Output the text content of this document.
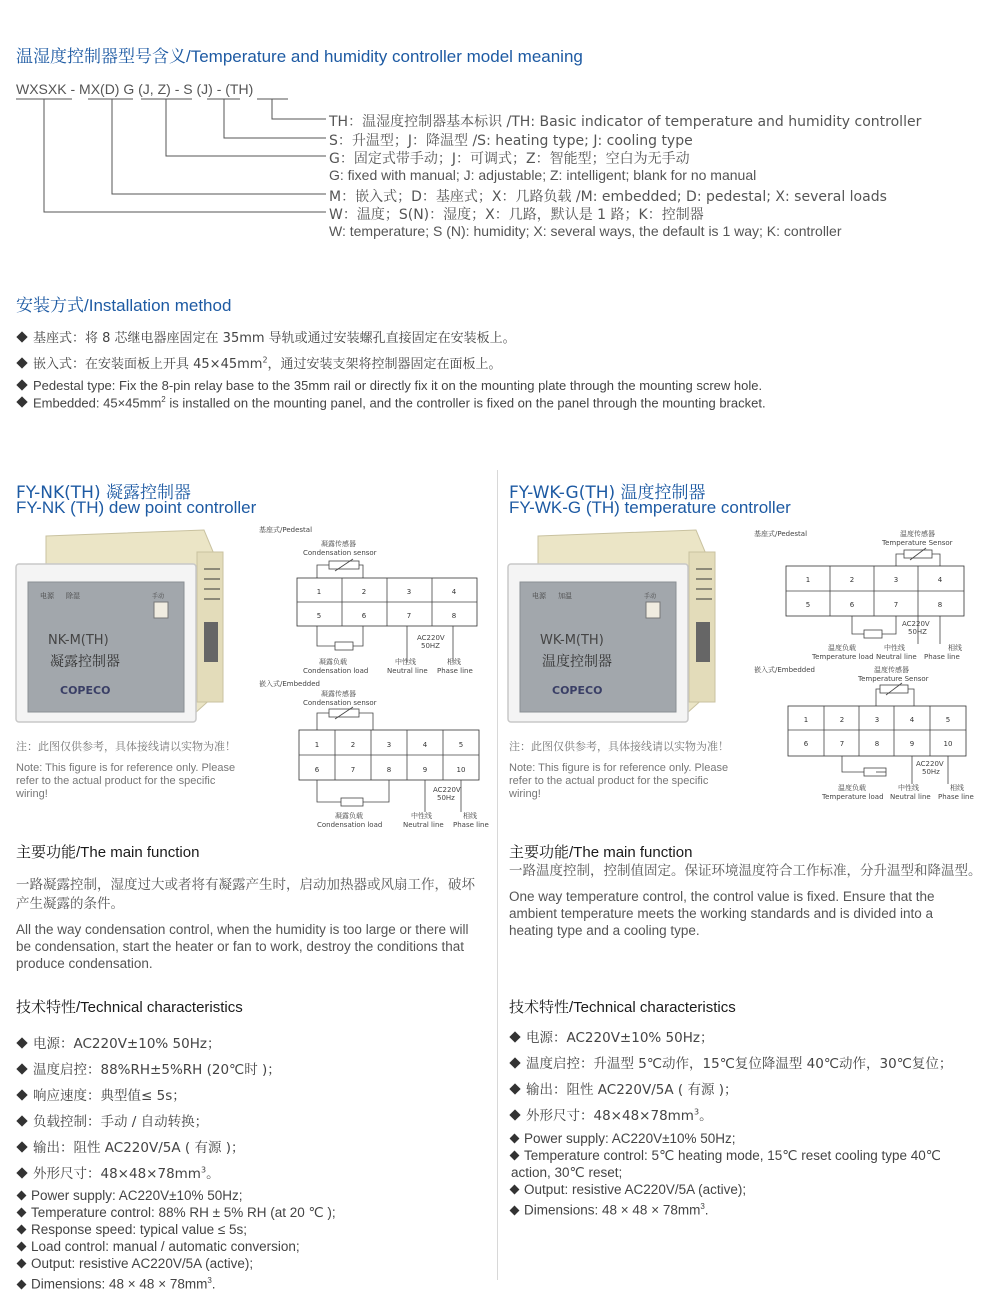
温湿度控制器型号含义/Temperature and humidity controller model meaning
WXSXK - MX(D) G (J, Z) - S (J) - (TH)
TH：温湿度控制器基本标识 /TH: Basic indicator of temperature and humidity controller
S：升温型；J：降温型 /S: heating type; J: cooling type
G：固定式带手动；J：可调式；Z：智能型；空白为无手动
G: fixed with manual; J: adjustable; Z: intelligent; blank for no manual
M：嵌入式；D：基座式；X：几路负载 /M: embedded; D: pedestal; X: several loads
W：温度；S(N)：湿度；X：几路，默认是 1 路；K：控制器
W: temperature; S (N): humidity; X: several ways, the default is 1 way; K: controller
安装方式/Installation method
基座式：将 8 芯继电器座固定在 35mm 导轨或通过安装螺孔直接固定在安装板上。
嵌入式：在安装面板上开具 $45\times 45mm^2$，通过安装支架将控制器固定在面板上。
Pedestal type: Fix the 8-pin relay base to the 35mm rail or directly fix it on the mounting plate through the mounting screw hole.
Embedded: $45\times 45mm^2$ is installed on the mounting panel, and the controller is fixed on the panel through the mounting bracket.
FY-NK(TH) 凝露控制器
FY-NK (TH) dew point controller
电源 除湿	手动
NK-M(TH)
凝露控制器
COPECO
注：此图仅供参考，具体接线请以实物为准！
Note: This figure is for reference only. Please refer to the actual product for the specific wiring!
基座式/Pedestal
凝露传感器
Condensation sensor
1	2	3	4
5	6	7	8
AC220V
50HZ
凝露负载
Condensation load
中性线
Neutral line
相线
Phase line
嵌入式/Embedded
凝露传感器
Condensation sensor
1	2	3	4	5
6	7	8	9	10
AC220V
50Hz
凝露负载
Condensation load
中性线
Neutral line
相线
Phase line
主要功能/The main function
一路凝露控制，湿度过大或者将有凝露产生时，启动加热器或风扇工作，破坏产生凝露的条件。
All the way condensation control, when the humidity is too large or there will be condensation, start the heater or fan to work, destroy the conditions that produce condensation.
技术特性/Technical characteristics
电源：AC220V±10% 50Hz；
温度启控：88%RH±5%RH (20℃时 )；
响应速度：典型值≤ 5s；
负载控制：手动 / 自动转换；
输出：阻性 AC220V/5A ( 有源 )；
外形尺寸：$48\times 48\times 78mm^3$。
Power supply: AC220V±10% 50Hz;
Temperature control: 88% RH ± 5% RH (at 20 ℃ );
Response speed: typical value ≤ 5s;
Load control: manual / automatic conversion;
Output: resistive AC220V/5A (active);
Dimensions: $48 \times 48 \times 78mm^3$.
FY-WK-G(TH) 温度控制器
FY-WK-G (TH) temperature controller
电源 加温	手动
WK-M(TH)
温度控制器
COPECO
注：此图仅供参考，具体接线请以实物为准！
Note: This figure is for reference only. Please refer to the actual product for the specific wiring!
基座式/Pedestal	温度传感器
Temperature Sensor
1	2	3	4
5	6	7	8
AC220V
50HZ
温度负载
Temperature load
中性线
Neutral line
相线
Phase line
嵌入式/Embedded	温度传感器
Temperature Sensor
1	2	3	4	5
6	7	8	9	10
AC220V
50Hz
温度负载
Temperature load
中性线
Neutral line
相线
Phase line
主要功能/The main function
一路温度控制，控制值固定。保证环境温度符合工作标准，分升温型和降温型。
One way temperature control, the control value is fixed. Ensure that the ambient temperature meets the working standards and is divided into a heating type and a cooling type.
技术特性/Technical characteristics
电源：AC220V±10% 50Hz；
温度启控：升温型 5℃动作，15℃复位降温型 40℃动作，30℃复位；
输出：阻性 AC220V/5A ( 有源 )；
外形尺寸：$48\times 48\times 78mm^3$。
Power supply: AC220V±10% 50Hz;
Temperature control: 5℃ heating mode, 15℃ reset cooling type 40℃ action, 30℃ reset;
Output: resistive AC220V/5A (active);
Dimensions: $48 \times 48 \times 78mm^3$.
